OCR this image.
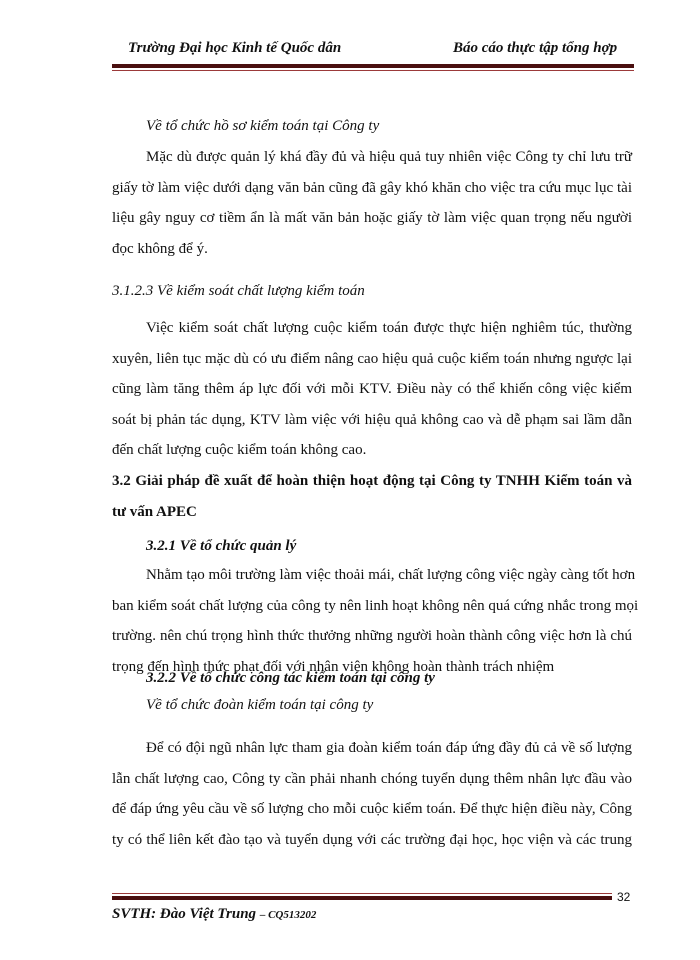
Trường Đại học Kinh tế Quốc dân	Báo cáo thực tập tổng hợp
Về tổ chức hồ sơ kiểm toán tại Công ty
Mặc dù được quản lý khá đầy đủ và hiệu quả tuy nhiên việc Công ty chỉ lưu trữ
giấy tờ làm việc dưới dạng văn bản cũng đã gây khó khăn cho việc tra cứu mục lục tài
liệu gây nguy cơ tiềm ẩn là mất văn bản hoặc giấy tờ làm việc quan trọng nếu người
đọc không để ý.
3.1.2.3 Về kiểm soát chất lượng kiểm toán
Việc kiểm soát chất lượng cuộc kiểm toán được thực hiện nghiêm túc, thường
xuyên, liên tục mặc dù có ưu điểm nâng cao hiệu quả cuộc kiểm toán nhưng ngược lại
cũng làm tăng thêm áp lực đối với mỗi KTV. Điều này có thể khiến công việc kiểm
soát bị phản tác dụng, KTV làm việc với hiệu quả không cao và dễ phạm sai lầm dẫn
đến chất lượng cuộc kiểm toán không cao.
3.2 Giải pháp đề xuất để hoàn thiện hoạt động tại Công ty TNHH Kiểm toán và
tư vấn APEC
3.2.1 Về tổ chức quản lý
Nhằm tạo môi trường làm việc thoải mái, chất lượng công việc ngày càng tốt hơn
ban kiểm soát chất lượng của công ty nên linh hoạt không nên quá cứng nhắc trong mọi
trường. nên chú trọng hình thức thưởng những người hoàn thành công việc hơn là chú
trọng đến hình thức phạt đối với nhân viên không hoàn thành trách nhiệm
3.2.2 Về tổ chức công tác kiểm toán tại công ty
Về tổ chức đoàn kiểm toán tại công ty
Để có đội ngũ nhân lực tham gia đoàn kiểm toán đáp ứng đầy đủ cả về số lượng
lẫn chất lượng cao, Công ty cần phải nhanh chóng tuyển dụng thêm nhân lực đầu vào
để đáp ứng yêu cầu về số lượng cho mỗi cuộc kiểm toán. Để thực hiện điều này, Công
ty có thể liên kết đào tạo và tuyển dụng với các trường đại học, học viện và các trung
32
SVTH: Đào Việt Trung – CQ513202
